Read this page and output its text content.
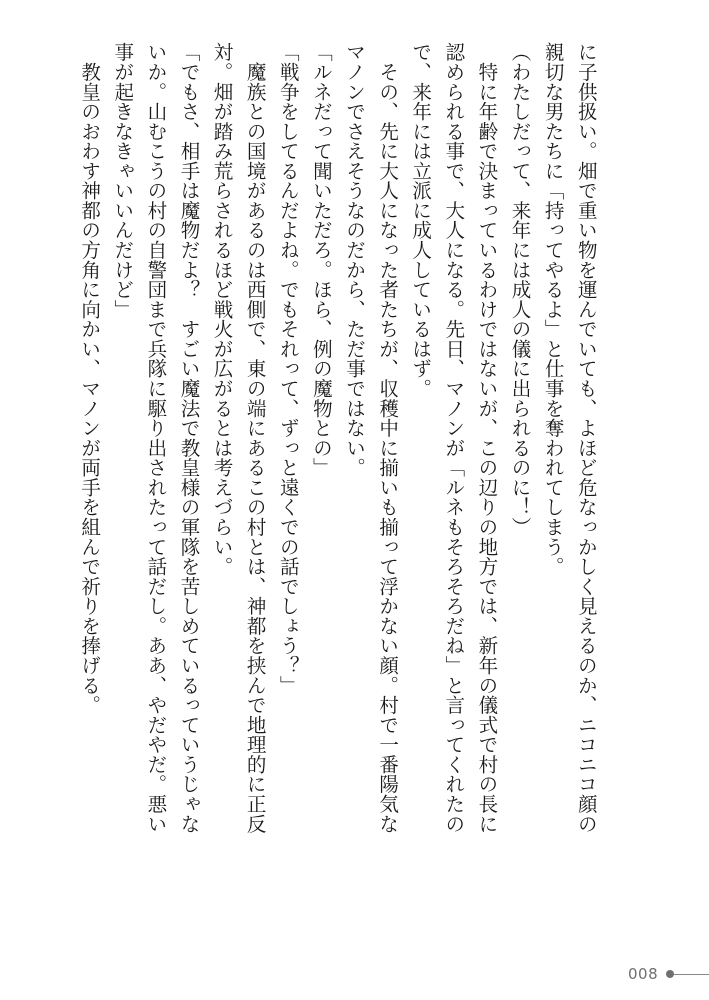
に子供扱い。畑で重い物を運んでいても、よほど危なっかしく見えるのか、ニコニコ顔の
親切な男たちに「持ってやるよ」と仕事を奪われてしまう。
（わたしだって、来年には成人の儀に出られるのに！）
　特に年齢で決まっているわけではないが、この辺りの地方では、新年の儀式で村の長に
認められる事で、大人になる。先日、マノンが「ルネもそろそろだね」と言ってくれたの
で、来年には立派に成人しているはず。
　その、先に大人になった者たちが、収穫中に揃いも揃って浮かない顔。村で一番陽気な
マノンでさえそうなのだから、ただ事ではない。
「ルネだって聞いただろ。ほら、例の魔物との」
「戦争をしてるんだよね。でもそれって、ずっと遠くでの話でしょう？」
　魔族との国境があるのは西側で、東の端にあるこの村とは、神都を挟んで地理的に正反
対。畑が踏み荒らされるほど戦火が広がるとは考えづらい。
「でもさ、相手は魔物だよ？　すごい魔法で教皇様の軍隊を苦しめているっていうじゃな
いか。山むこうの村の自警団まで兵隊に駆り出されたって話だし。ああ、やだやだ。悪い
事が起きなきゃいいんだけど」
　教皇のおわす神都の方角に向かい、マノンが両手を組んで祈りを捧げる。

008
